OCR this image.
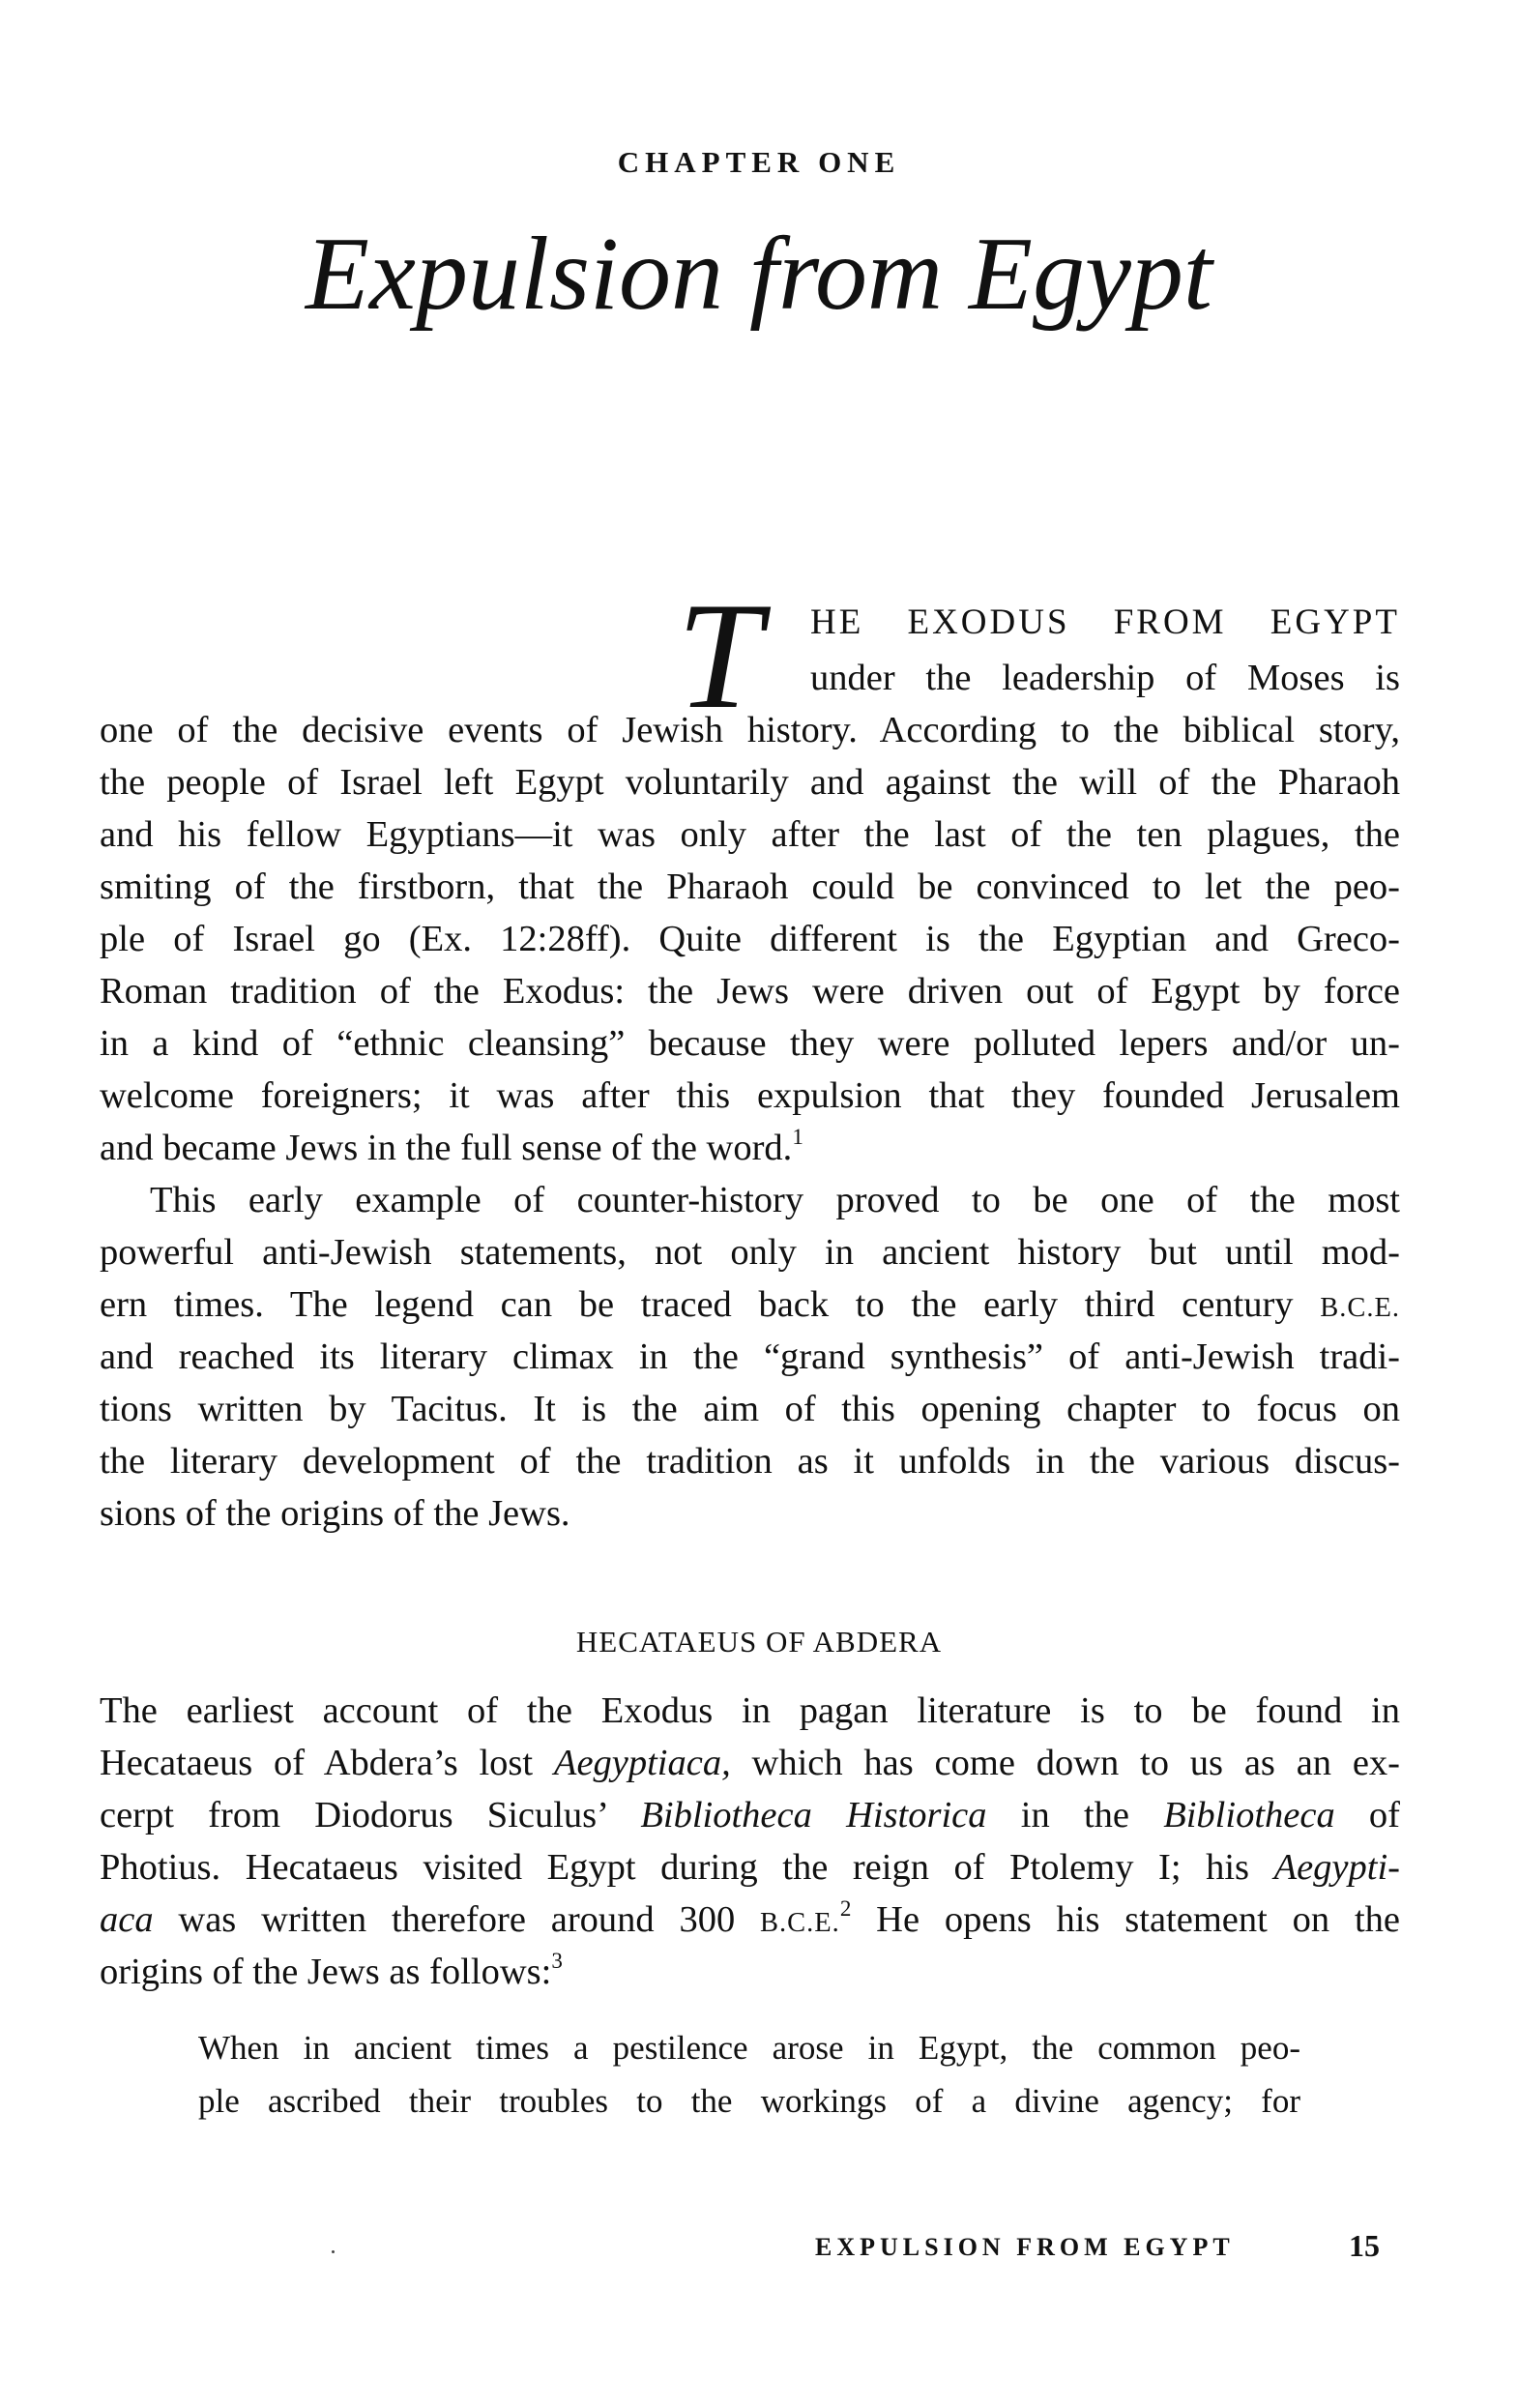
CHAPTER ONE
Expulsion from Egypt
T HE EXODUS FROM EGYPT
under the leadership of Moses is
one of the decisive events of Jewish history. According to the biblical story,
the people of Israel left Egypt voluntarily and against the will of the Pharaoh
and his fellow Egyptians—it was only after the last of the ten plagues, the
smiting of the firstborn, that the Pharaoh could be convinced to let the peo-
ple of Israel go (Ex. 12:28ff). Quite different is the Egyptian and Greco-
Roman tradition of the Exodus: the Jews were driven out of Egypt by force
in a kind of “ethnic cleansing” because they were polluted lepers and/or un-
welcome foreigners; it was after this expulsion that they founded Jerusalem
and became Jews in the full sense of the word.$^1$
This early example of counter-history proved to be one of the most
powerful anti-Jewish statements, not only in ancient history but until mod-
ern times. The legend can be traced back to the early third century B.C.E.
and reached its literary climax in the “grand synthesis” of anti-Jewish tradi-
tions written by Tacitus. It is the aim of this opening chapter to focus on
the literary development of the tradition as it unfolds in the various discus-
sions of the origins of the Jews.
HECATAEUS OF ABDERA
The earliest account of the Exodus in pagan literature is to be found in
Hecataeus of Abdera’s lost Aegyptiaca, which has come down to us as an ex-
cerpt from Diodorus Siculus’ Bibliotheca Historica in the Bibliotheca of
Photius. Hecataeus visited Egypt during the reign of Ptolemy I; his Aegypti-
aca was written therefore around 300 B.C.E.$^2$ He opens his statement on the
origins of the Jews as follows:$^3$
When in ancient times a pestilence arose in Egypt, the common peo-
ple ascribed their troubles to the workings of a divine agency; for
EXPULSION FROM EGYPT	15
